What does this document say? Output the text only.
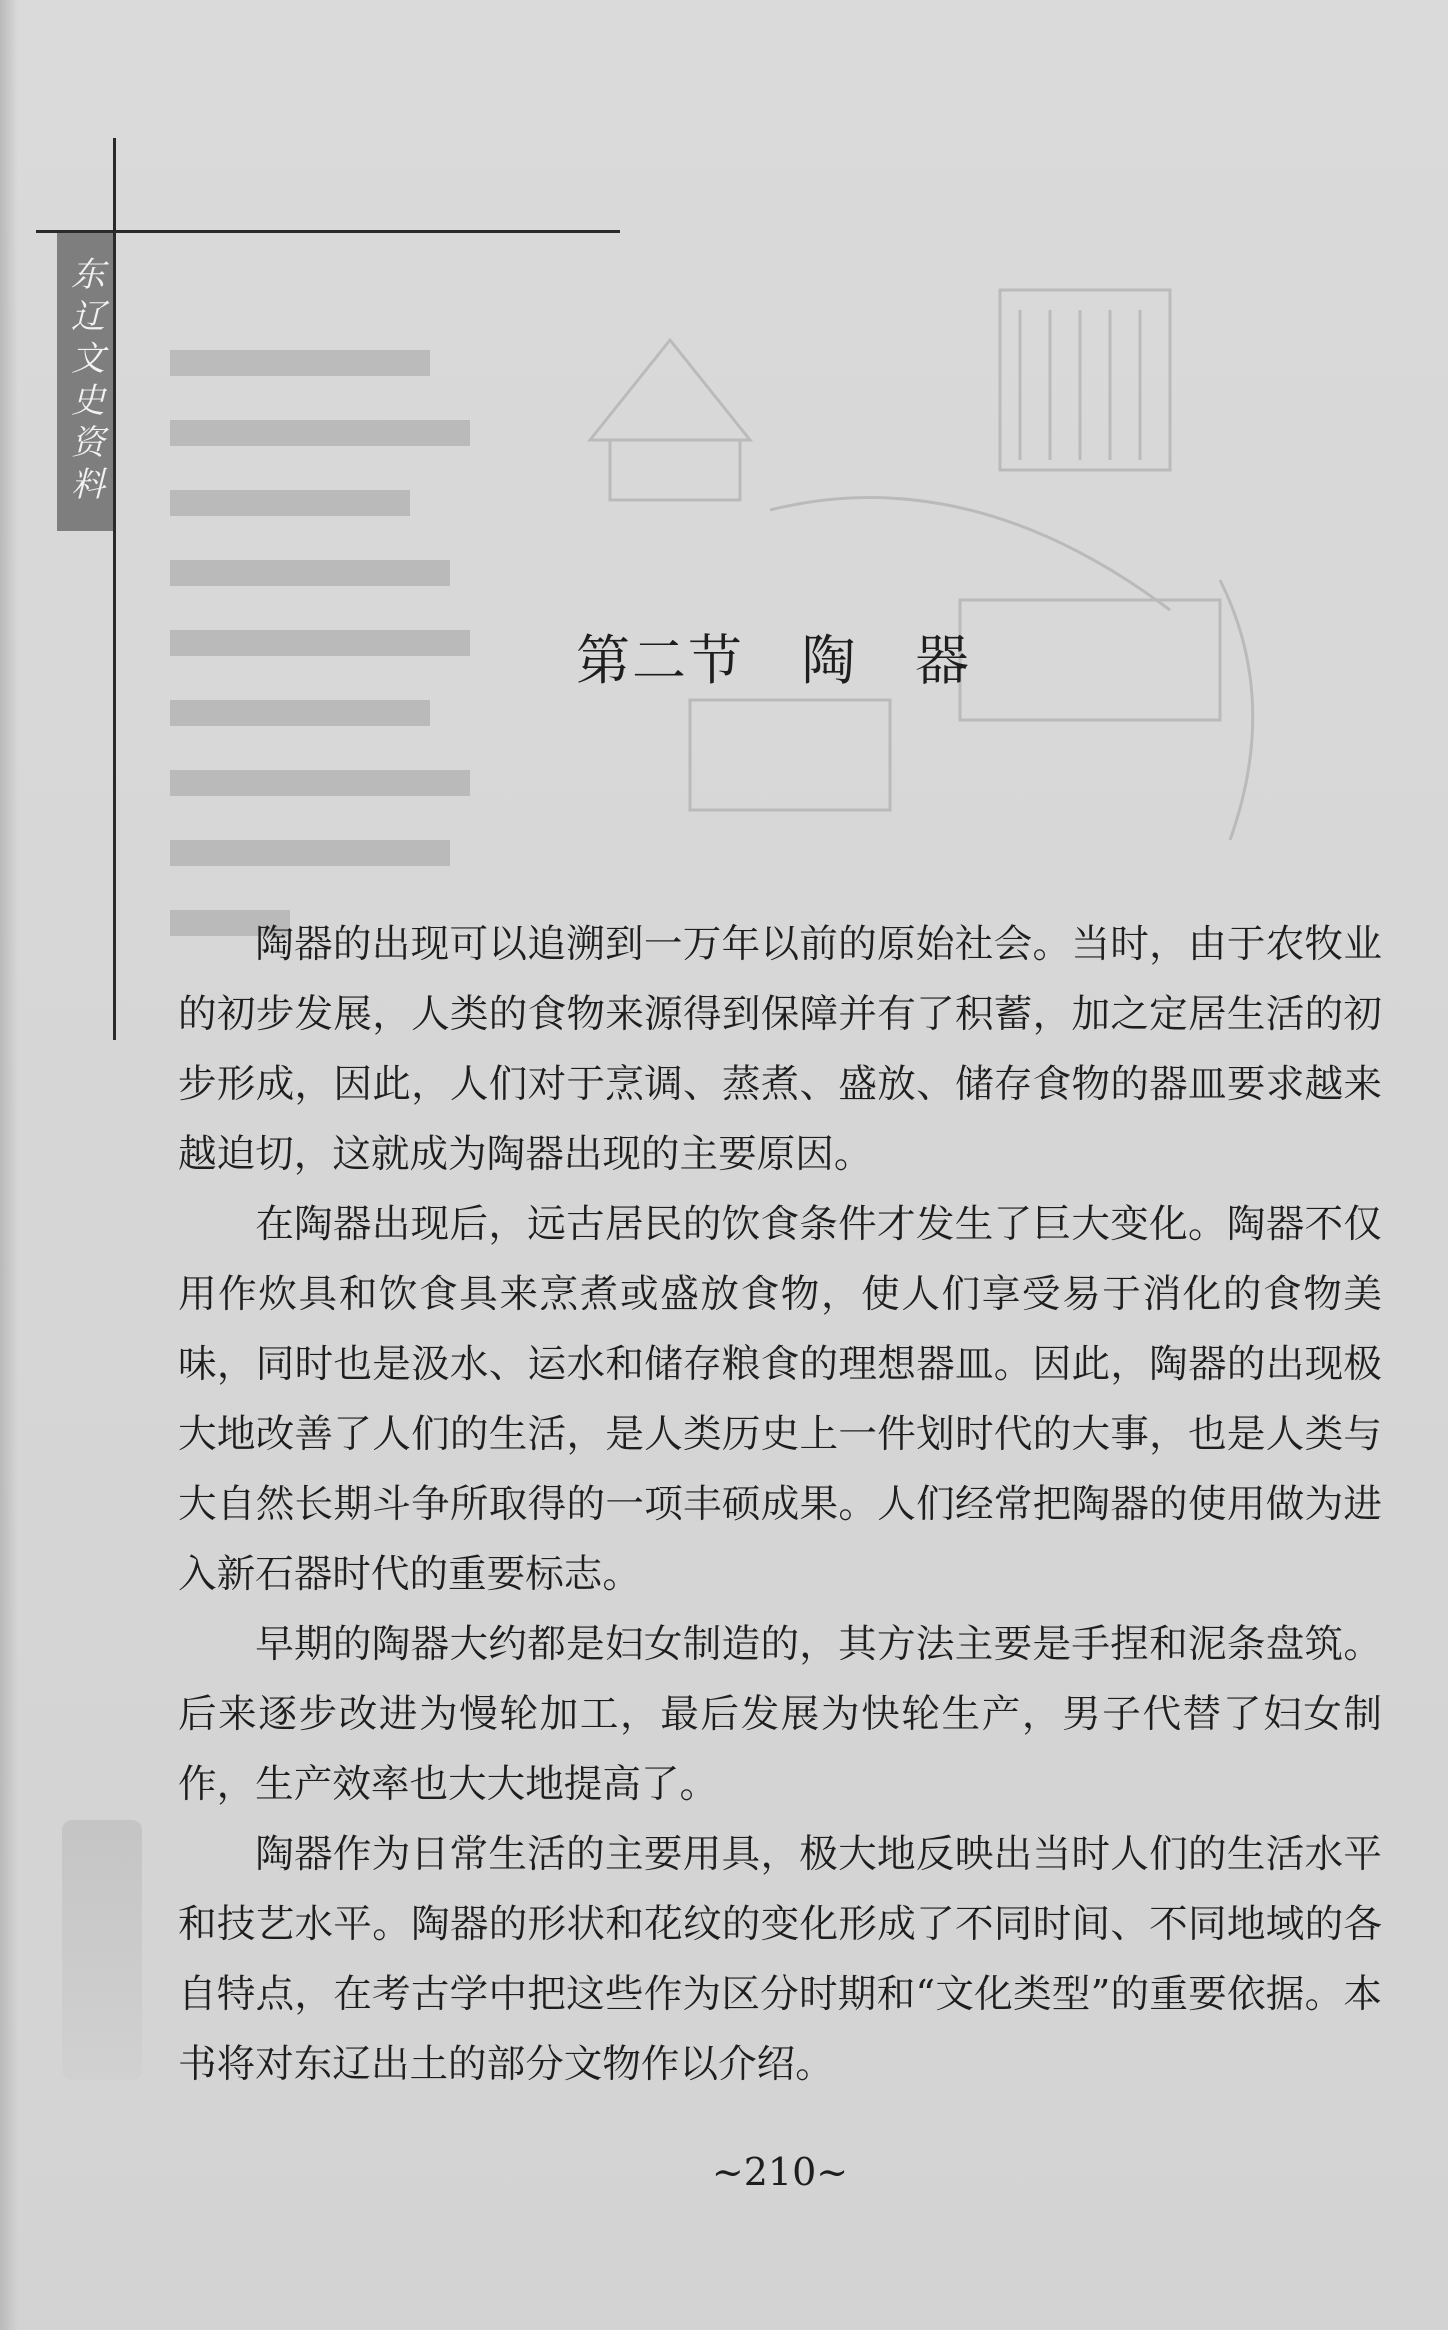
东辽文史资料
第二节   陶   器

陶器的出现可以追溯到一万年以前的原始社会。当时，由于农牧业的初步发展，人类的食物来源得到保障并有了积蓄，加之定居生活的初步形成，因此，人们对于烹调、蒸煮、盛放、储存食物的器皿要求越来越迫切，这就成为陶器出现的主要原因。

在陶器出现后，远古居民的饮食条件才发生了巨大变化。陶器不仅用作炊具和饮食具来烹煮或盛放食物，使人们享受易于消化的食物美味，同时也是汲水、运水和储存粮食的理想器皿。因此，陶器的出现极大地改善了人们的生活，是人类历史上一件划时代的大事，也是人类与大自然长期斗争所取得的一项丰硕成果。人们经常把陶器的使用做为进入新石器时代的重要标志。

早期的陶器大约都是妇女制造的，其方法主要是手捏和泥条盘筑。后来逐步改进为慢轮加工，最后发展为快轮生产，男子代替了妇女制作，生产效率也大大地提高了。

陶器作为日常生活的主要用具，极大地反映出当时人们的生活水平和技艺水平。陶器的形状和花纹的变化形成了不同时间、不同地域的各自特点，在考古学中把这些作为区分时期和“文化类型”的重要依据。本书将对东辽出土的部分文物作以介绍。

~210~
